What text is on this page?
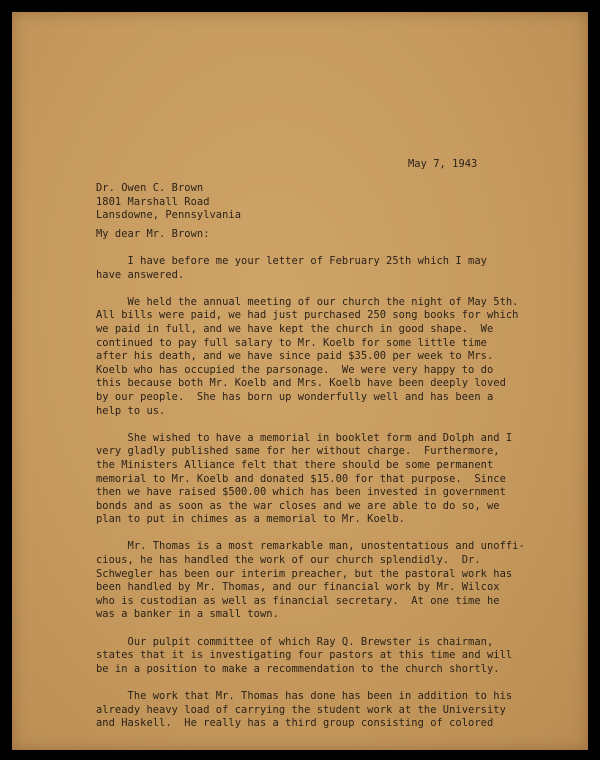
May 7, 1943
Dr. Owen C. Brown
1801 Marshall Road
Lansdowne, Pennsylvania
My dear Mr. Brown:
I have before me your letter of February 25th which I may
have answered.
We held the annual meeting of our church the night of May 5th.
All bills were paid, we had just purchased 250 song books for which
we paid in full, and we have kept the church in good shape.  We
continued to pay full salary to Mr. Koelb for some little time
after his death, and we have since paid $35.00 per week to Mrs.
Koelb who has occupied the parsonage.  We were very happy to do
this because both Mr. Koelb and Mrs. Koelb have been deeply loved
by our people.  She has born up wonderfully well and has been a
help to us.
She wished to have a memorial in booklet form and Dolph and I
very gladly published same for her without charge.  Furthermore,
the Ministers Alliance felt that there should be some permanent
memorial to Mr. Koelb and donated $15.00 for that purpose.  Since
then we have raised $500.00 which has been invested in government
bonds and as soon as the war closes and we are able to do so, we
plan to put in chimes as a memorial to Mr. Koelb.
Mr. Thomas is a most remarkable man, unostentatious and unoffi-
cious, he has handled the work of our church splendidly.  Dr.
Schwegler has been our interim preacher, but the pastoral work has
been handled by Mr. Thomas, and our financial work by Mr. Wilcox
who is custodian as well as financial secretary.  At one time he
was a banker in a small town.
Our pulpit committee of which Ray Q. Brewster is chairman,
states that it is investigating four pastors at this time and will
be in a position to make a recommendation to the church shortly.
The work that Mr. Thomas has done has been in addition to his
already heavy load of carrying the student work at the University
and Haskell.  He really has a third group consisting of colored
